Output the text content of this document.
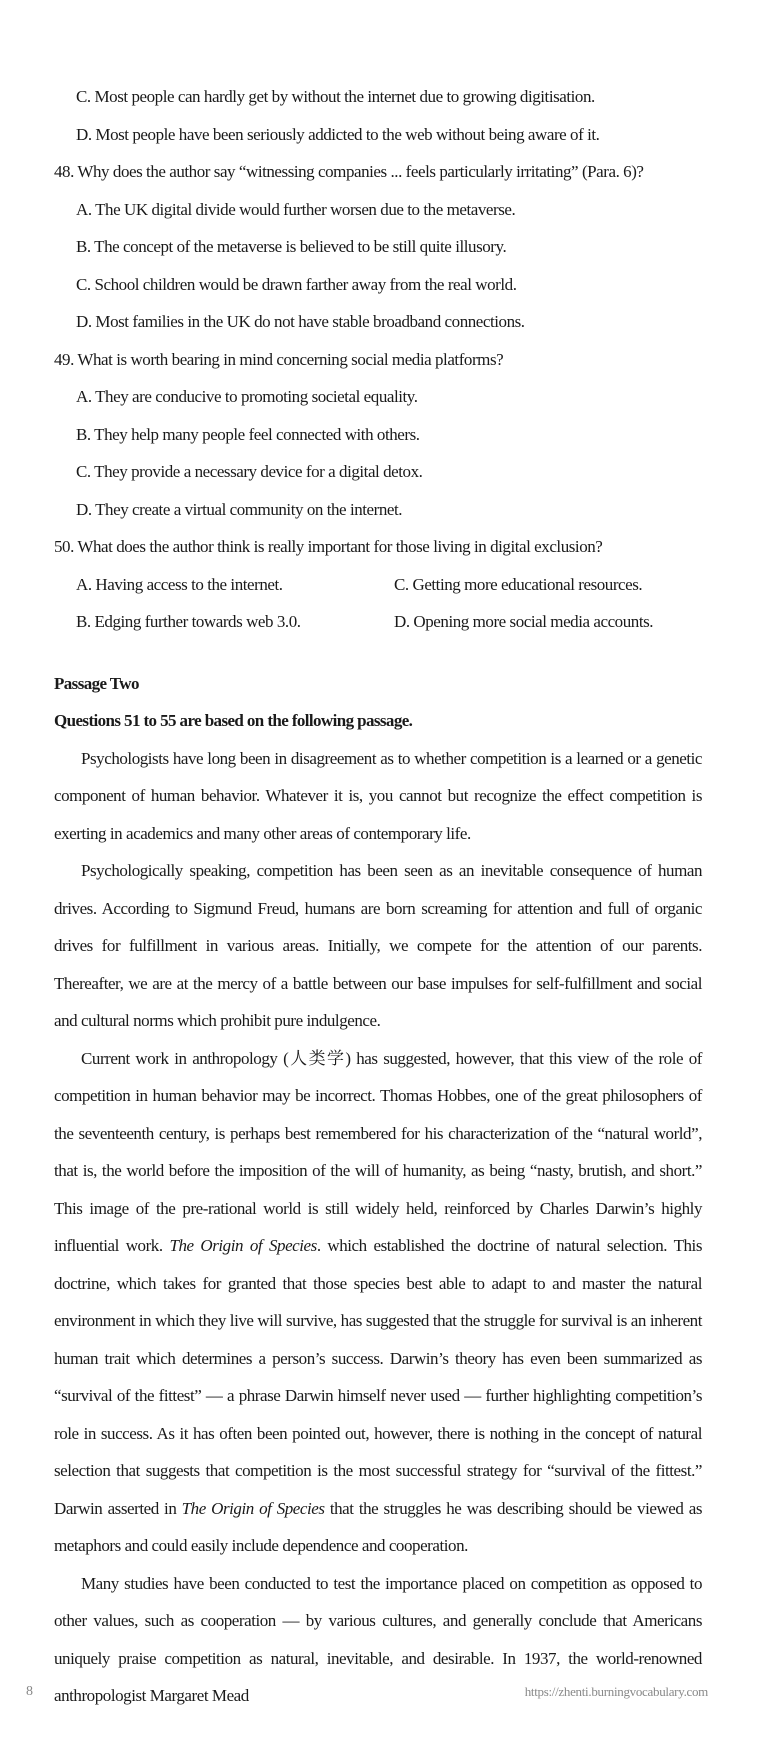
C. Most people can hardly get by without the internet due to growing digitisation.
D. Most people have been seriously addicted to the web without being aware of it.
48. Why does the author say “witnessing companies ... feels particularly irritating” (Para. 6)?
A. The UK digital divide would further worsen due to the metaverse.
B. The concept of the metaverse is believed to be still quite illusory.
C. School children would be drawn farther away from the real world.
D. Most families in the UK do not have stable broadband connections.
49. What is worth bearing in mind concerning social media platforms?
A. They are conducive to promoting societal equality.
B. They help many people feel connected with others.
C. They provide a necessary device for a digital detox.
D. They create a virtual community on the internet.
50. What does the author think is really important for those living in digital exclusion?
A. Having access to the internet.	C. Getting more educational resources.
B. Edging further towards web 3.0.	D. Opening more social media accounts.
Passage Two
Questions 51 to 55 are based on the following passage.

Psychologists have long been in disagreement as to whether competition is a learned or a genetic component of human behavior. Whatever it is, you cannot but recognize the effect competition is exerting in academics and many other areas of contemporary life.

Psychologically speaking, competition has been seen as an inevitable consequence of human drives. According to Sigmund Freud, humans are born screaming for attention and full of organic drives for fulfillment in various areas. Initially, we compete for the attention of our parents. Thereafter, we are at the mercy of a battle between our base impulses for self-fulfillment and social and cultural norms which prohibit pure indulgence.

Current work in anthropology (人类学) has suggested, however, that this view of the role of competition in human behavior may be incorrect. Thomas Hobbes, one of the great philosophers of the seventeenth century, is perhaps best remembered for his characterization of the “natural world”, that is, the world before the imposition of the will of humanity, as being “nasty, brutish, and short.” This image of the pre-rational world is still widely held, reinforced by Charles Darwin’s highly influential work. The Origin of Species. which established the doctrine of natural selection. This doctrine, which takes for granted that those species best able to adapt to and master the natural environment in which they live will survive, has suggested that the struggle for survival is an inherent human trait which determines a person’s success. Darwin’s theory has even been summarized as “survival of the fittest” — a phrase Darwin himself never used — further highlighting competition’s role in success. As it has often been pointed out, however, there is nothing in the concept of natural selection that suggests that competition is the most successful strategy for “survival of the fittest.” Darwin asserted in The Origin of Species that the struggles he was describing should be viewed as metaphors and could easily include dependence and cooperation.

Many studies have been conducted to test the importance placed on competition as opposed to other values, such as cooperation — by various cultures, and generally conclude that Americans uniquely praise competition as natural, inevitable, and desirable. In 1937, the world-renowned anthropologist Margaret Mead

8	https://zhenti.burningvocabulary.com
